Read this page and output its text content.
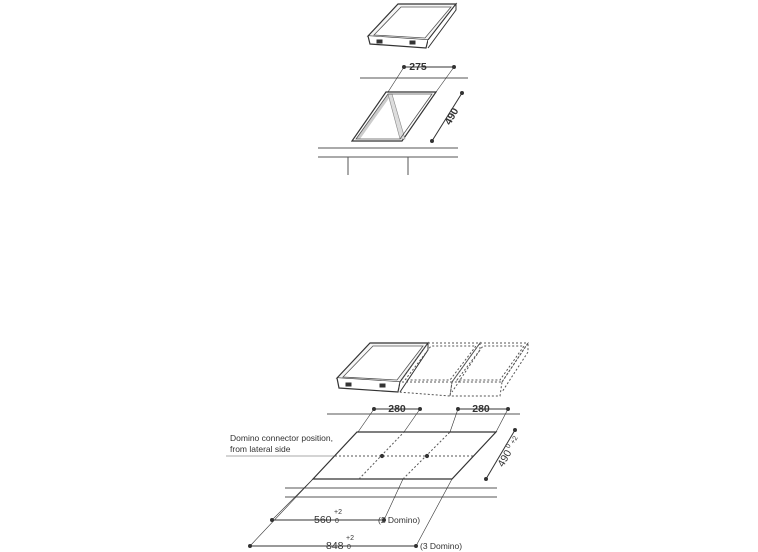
275
490
280	280
490
+2
0
Domino connector position,
from lateral side
560
+2
0	(2 Domino)
848
+2
0	(3 Domino)
